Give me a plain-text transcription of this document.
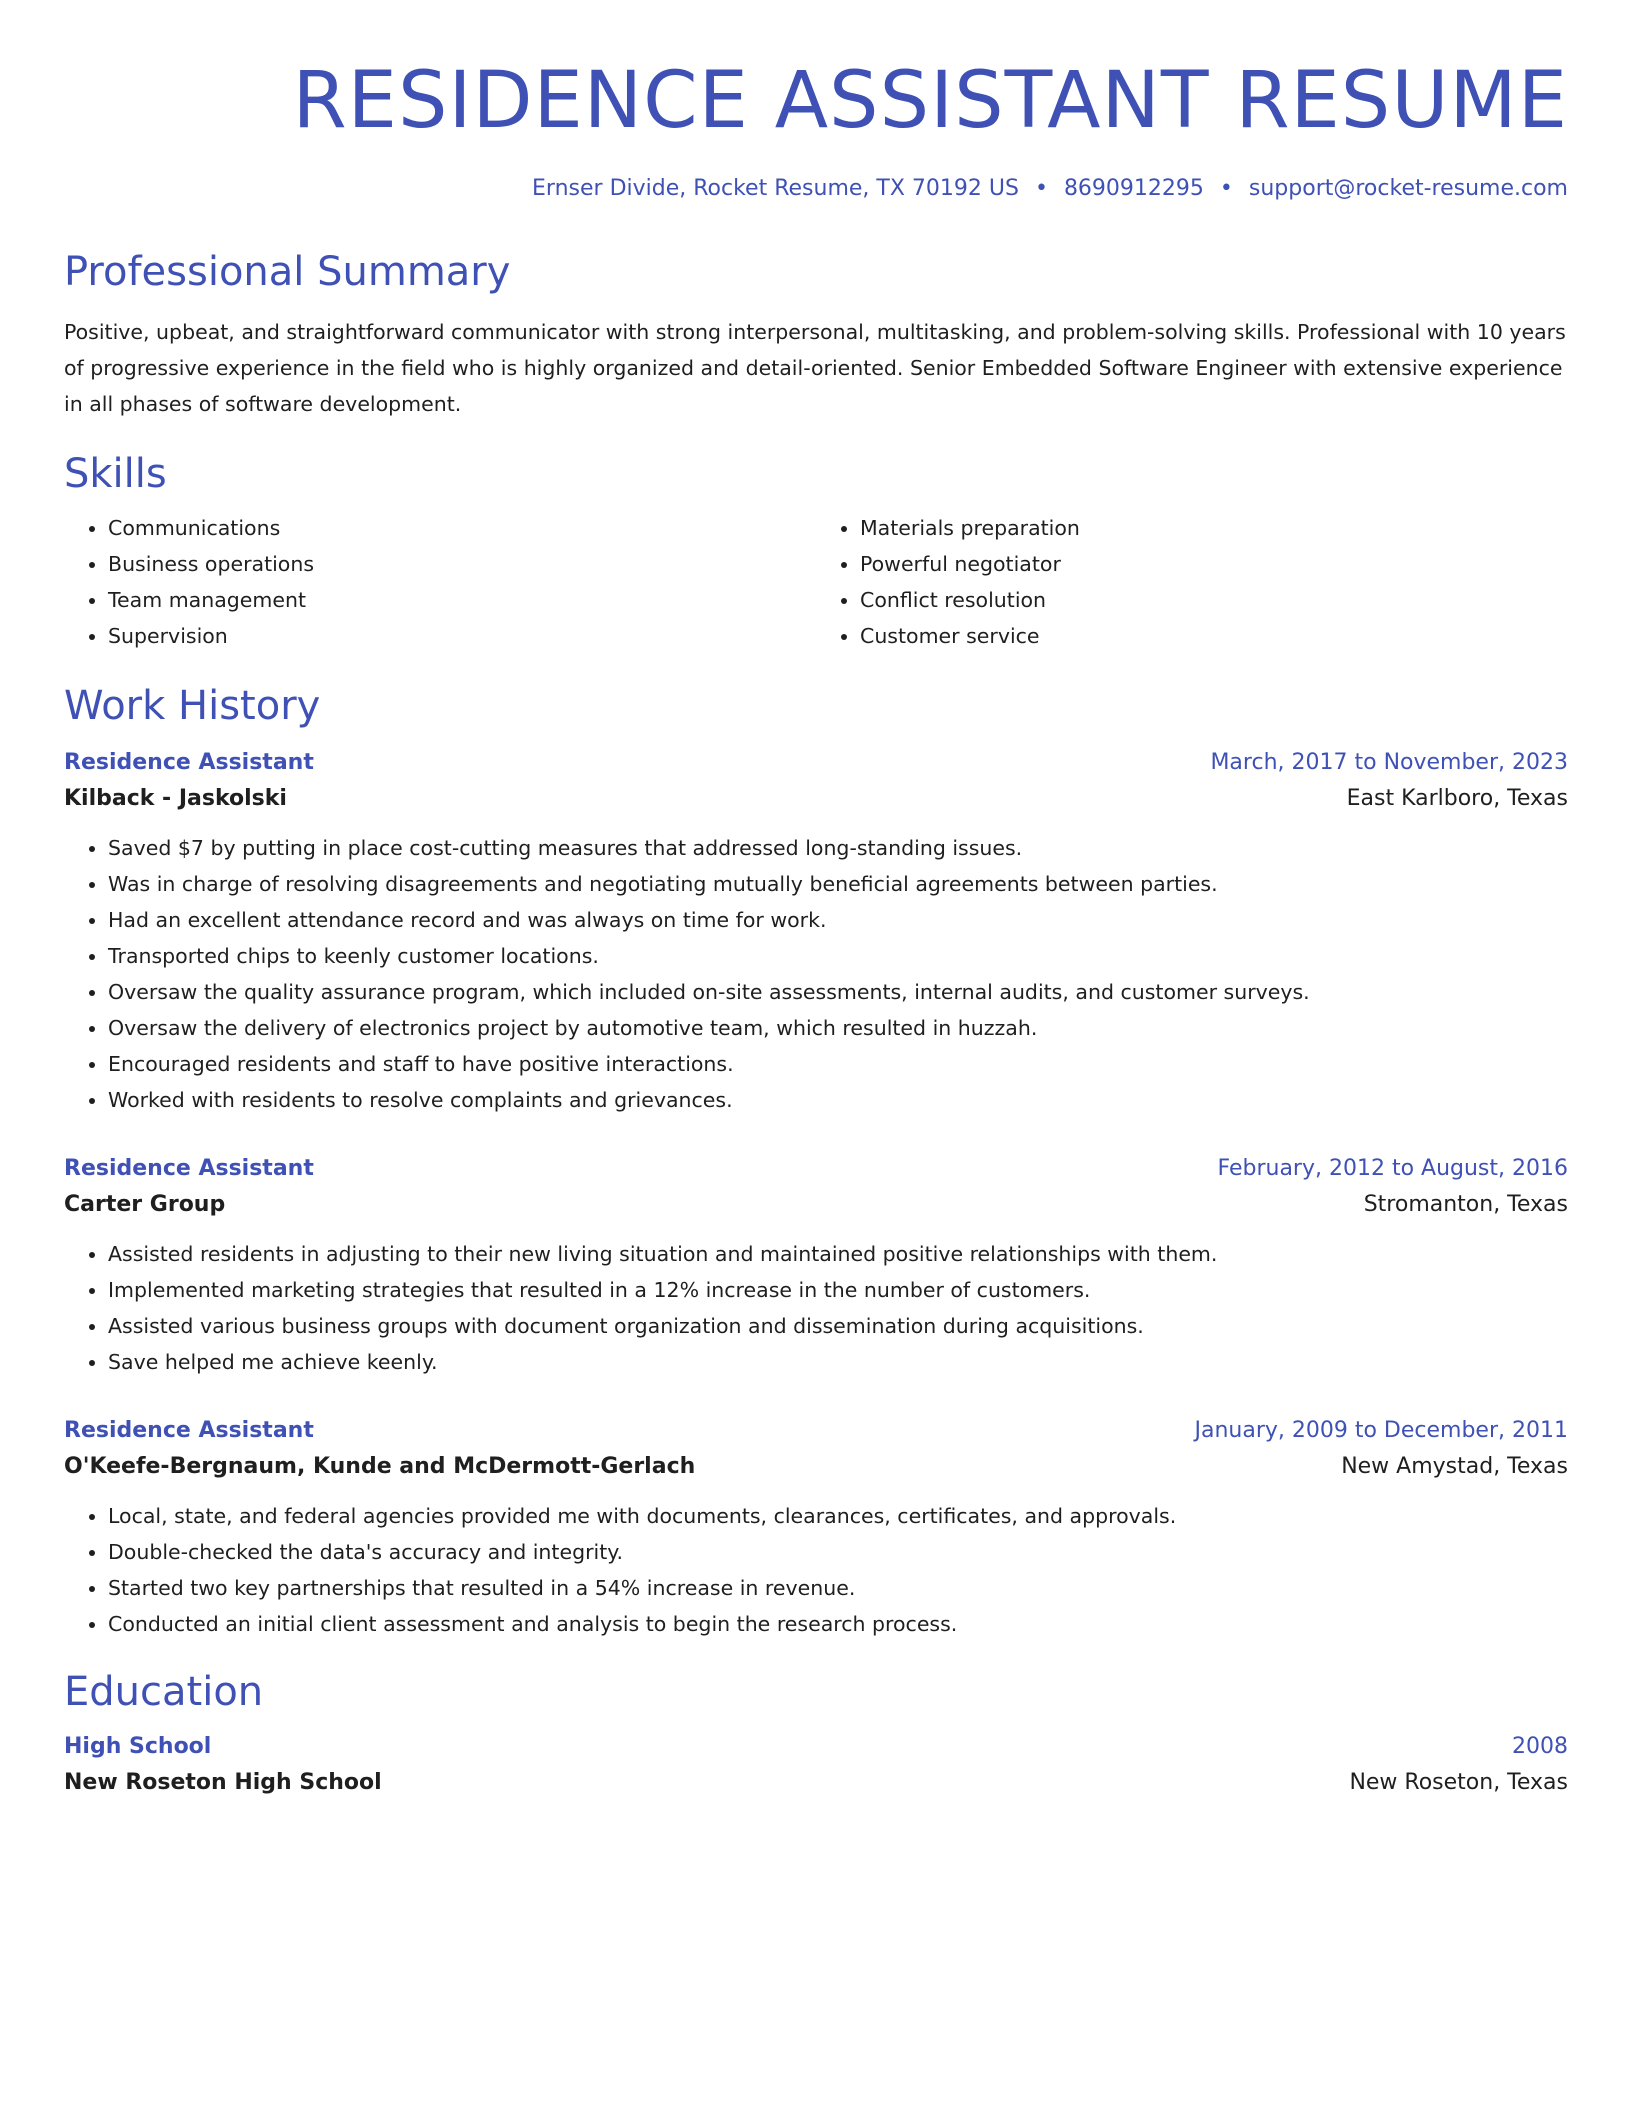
RESIDENCE ASSISTANT RESUME
Ernser Divide, Rocket Resume, TX 70192 US • 8690912295 • support@rocket-resume.com
Professional Summary

Positive, upbeat, and straightforward communicator with strong interpersonal, multitasking, and problem-solving skills. Professional with 10 years of progressive experience in the field who is highly organized and detail-oriented. Senior Embedded Software Engineer with extensive experience in all phases of software development.

Skills
• Communications
• Business operations
• Team management
• Supervision
• Materials preparation
• Powerful negotiator
• Conflict resolution
• Customer service
Work History
Residence Assistant	March, 2017 to November, 2023
Kilback - Jaskolski	East Karlboro, Texas
• Saved $7 by putting in place cost-cutting measures that addressed long-standing issues.
• Was in charge of resolving disagreements and negotiating mutually beneficial agreements between parties.
• Had an excellent attendance record and was always on time for work.
• Transported chips to keenly customer locations.
• Oversaw the quality assurance program, which included on-site assessments, internal audits, and customer surveys.
• Oversaw the delivery of electronics project by automotive team, which resulted in huzzah.
• Encouraged residents and staff to have positive interactions.
• Worked with residents to resolve complaints and grievances.
Residence Assistant	February, 2012 to August, 2016
Carter Group	Stromanton, Texas
• Assisted residents in adjusting to their new living situation and maintained positive relationships with them.
• Implemented marketing strategies that resulted in a 12% increase in the number of customers.
• Assisted various business groups with document organization and dissemination during acquisitions.
• Save helped me achieve keenly.
Residence Assistant	January, 2009 to December, 2011
O'Keefe-Bergnaum, Kunde and McDermott-Gerlach	New Amystad, Texas
• Local, state, and federal agencies provided me with documents, clearances, certificates, and approvals.
• Double-checked the data's accuracy and integrity.
• Started two key partnerships that resulted in a 54% increase in revenue.
• Conducted an initial client assessment and analysis to begin the research process.
Education
High School	2008
New Roseton High School	New Roseton, Texas
